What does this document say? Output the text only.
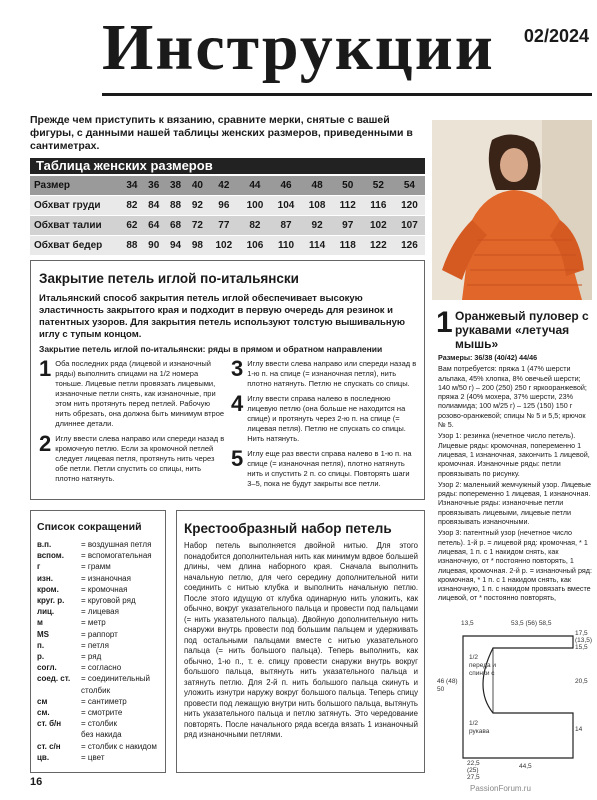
Инструкции 02/2024
Прежде чем приступить к вязанию, сравните мерки, снятые с вашей фигуры, с данными нашей таблицы женских размеров, приведенными в сантиметрах.
Таблица женских размеров
Размер	34	36	38	40	42	44	46	48	50	52	54
Обхват груди	82	84	88	92	96	100	104	108	112	116	120
Обхват талии	62	64	68	72	77	82	87	92	97	102	107
Обхват бедер	88	90	94	98	102	106	110	114	118	122	126
Закрытие петель иглой по-итальянски
Итальянский способ закрытия петель иглой обеспечивает высокую эластичность закрытого края и подходит в первую очередь для резинок и патентных узоров. Для закрытия петель используют толстую вышивальную иглу с тупым концом.
Закрытие петель иглой по-итальянски: ряды в прямом и обратном направлении
1 Оба последних ряда (лицевой и изнаночный ряды) выполнить спицами на 1/2 номера тоньше. Лицевые петли провязать лицевыми, изнаночные петли снять, как изнаночные, при этом нить протянуть перед петлей. Рабочую нить обрезать, она должна быть минимум втрое длиннее детали.
2 Иглу ввести слева направо или спереди назад в кромочную петлю. Если за кромочной петлей следует лицевая петля, протянуть нить через обе петли. Петли спустить со спицы, нить плотно натянуть.
3 Иглу ввести слева направо или спереди назад в 1-ю п. на спице (= изнаночная петля), нить плотно натянуть. Петлю не спускать со спицы.
4 Иглу ввести справа налево в последнюю лицевую петлю (она больше не находится на спице) и протянуть через 2-ю п. на спице (= лицевая петля). Петлю не спускать со спицы. Нить натянуть.
5 Иглу еще раз ввести справа налево в 1-ю п. на спице (= изнаночная петля), плотно натянуть нить и спустить 2 п. со спицы. Повторять шаги 3–5, пока не будут закрыты все петли.
Список сокращений
в.п.	= воздушная петля
вспом. = вспомогательная
г	= грамм
изн.	= изнаночная
кром.	= кромочная
круг. р. = круговой ряд
лиц.	= лицевая
м	= метр
MS	= раппорт
п.	= петля
р.	= ряд
согл.	= согласно
соед. ст. = соединительный
столбик
см	= сантиметр
см.	= смотрите
ст. б/н = столбик
без накида
ст. с/н	= столбик с накидом
цв.	= цвет
Крестообразный набор петель
Набор петель выполняется двойной нитью. Для этого понадобится дополнительная нить как минимум вдвое большей длины, чем длина наборного края. Сначала выполнить начальную петлю, для чего середину дополнительной нити соединить с нитью клубка и выполнить начальную петлю. После этого идущую от клубка одинарную нить уложить, как обычно, вокруг указательного пальца и провести под пальцами (= нить указательного пальца). Двойную дополнительную нить снаружи внутрь провести под большим пальцем и удерживать под остальными пальцами вместе с нитью указательного пальца (= нить большого пальца). Теперь выполнить, как обычно, 1-ю п., т. е. спицу провести снаружи внутрь вокруг большого пальца, вытянуть нить указательного пальца и затянуть петлю. Для 2-й п. нить большого пальца скинуть и уложить изнутри наружу вокруг большого пальца. Теперь спицу провести под лежащую внутри нить большого пальца, вытянуть нить указательного пальца и петлю затянуть. Это чередование повторять. После начального ряда всегда вязать 1 изнаночный ряд изнаночными петлями.
1 Оранжевый пуловер с рукавами «летучая мышь»
Размеры: 36/38 (40/42) 44/46
Вам потребуется: пряжа 1 (47% шерсти альпака, 45% хлопка, 8% овечьей шерсти; 140 м/50 г) – 200 (250) 250 г яркооранжевой; пряжа 2 (40% мохера, 37% шерсти, 23% полиамида; 100 м/25 г) – 125 (150) 150 г розово-оранжевой; спицы № 5 и 5,5; крючок № 5.
Узор 1: резинка (нечетное число петель). Лицевые ряды: кромочная, попеременно 1 лицевая, 1 изнаночная, закончить 1 лицевой, кромочная. Изнаночные ряды: петли провязывать по рисунку.
Узор 2: маленький жемчужный узор. Лицевые ряды: попеременно 1 лицевая, 1 изнаночная. Изнаночные ряды: изнаночные петли провязывать лицевыми, лицевые петли провязывать изнаночными.
Узор 3: патентный узор (нечетное число петель). 1-й р. = лицевой ряд: кромочная, * 1 лицевая, 1 п. с 1 накидом снять, как изнаночную, от * постоянно повторять, 1 лицевая, кромочная. 2-й р. = изнаночный ряд: кромочная, * 1 п. с 1 накидом снять, как изнаночную, 1 п. с накидом провязать вместе лицевой, от * постоянно повторять,
13,5	53,5 (56) 58,5
17,5 (13,5) 15,5
46 (48) 50
20,5
14
22,5 (25) 27,5
44,5
1/2 переда и спинки с
1/2 рукава
16
PassionForum.ru
